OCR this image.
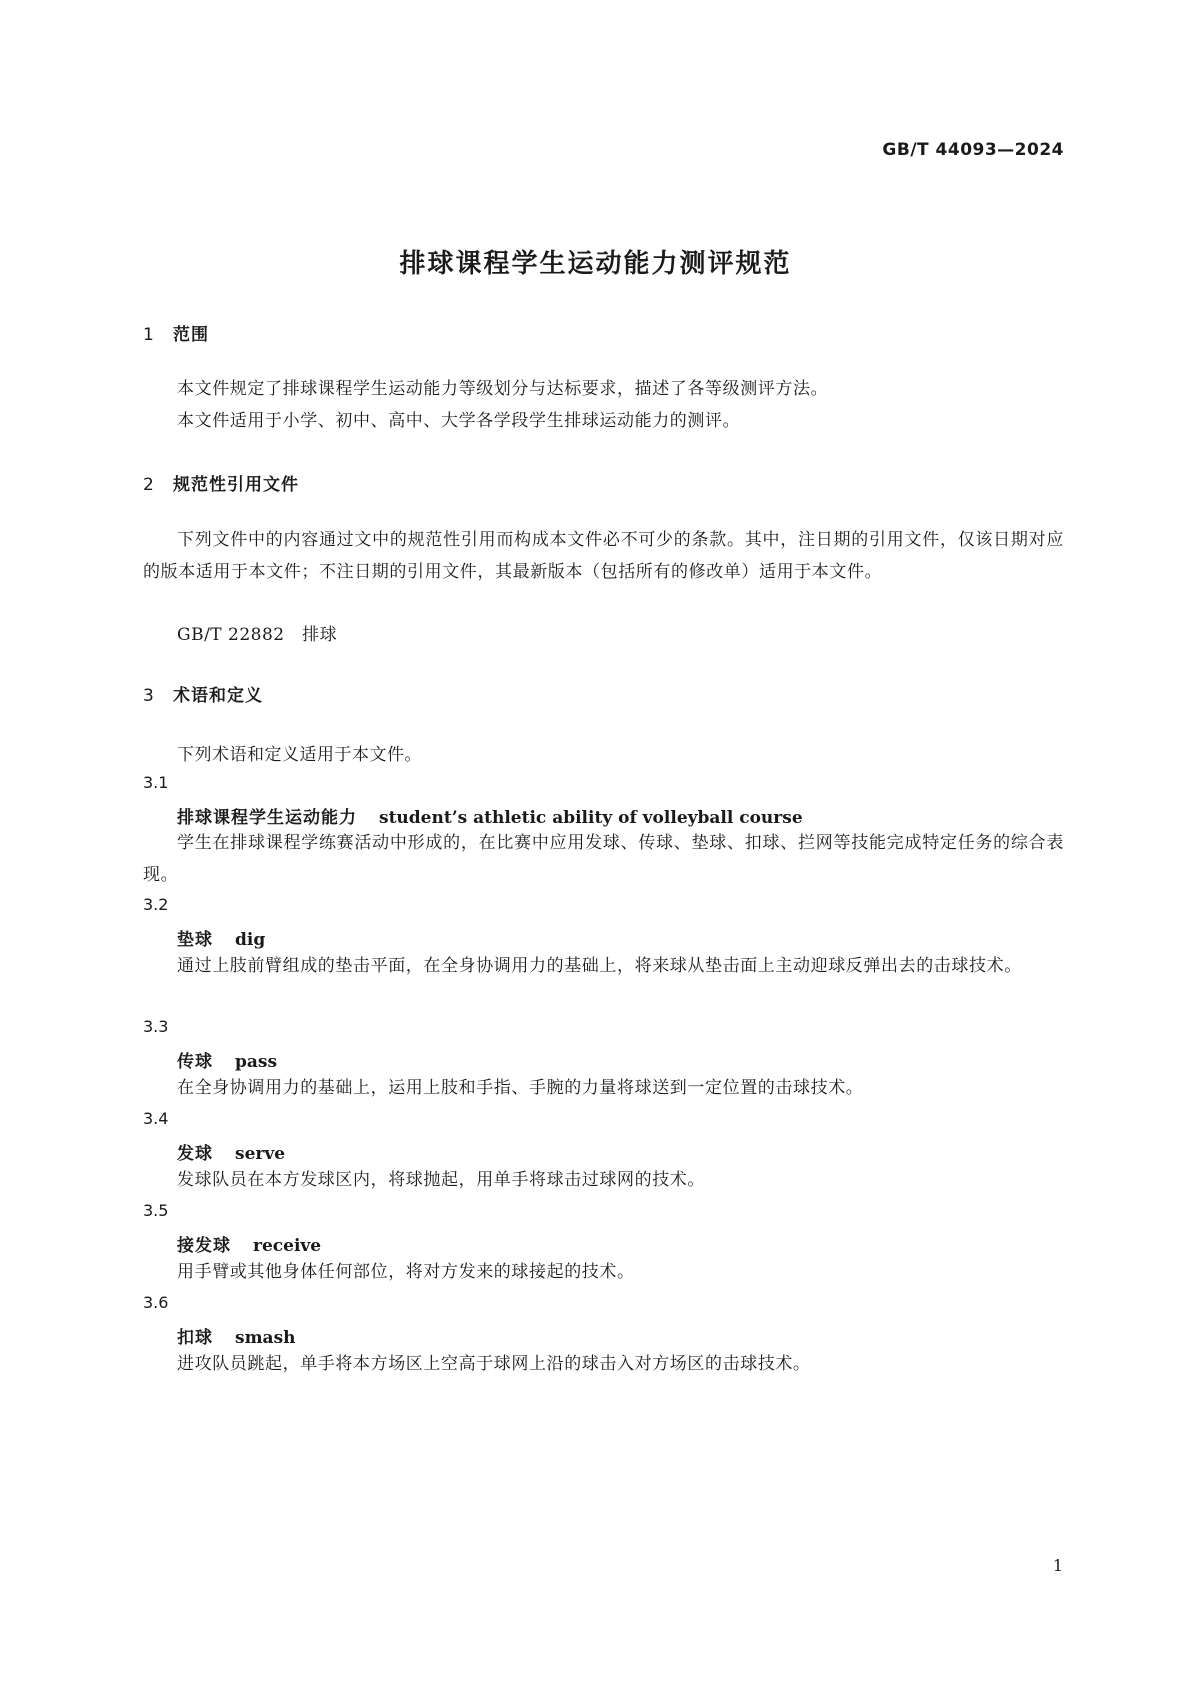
GB/T 44093—2024
排球课程学生运动能力测评规范
1 范围
本文件规定了排球课程学生运动能力等级划分与达标要求，描述了各等级测评方法。
本文件适用于小学、初中、高中、大学各学段学生排球运动能力的测评。
2 规范性引用文件
下列文件中的内容通过文中的规范性引用而构成本文件必不可少的条款。其中，注日期的引用文件，仅该日期对应的版本适用于本文件；不注日期的引用文件，其最新版本（包括所有的修改单）适用于本文件。
GB/T 22882　排球
3 术语和定义
下列术语和定义适用于本文件。
3.1
排球课程学生运动能力 student’s athletic ability of volleyball course
学生在排球课程学练赛活动中形成的，在比赛中应用发球、传球、垫球、扣球、拦网等技能完成特定任务的综合表现。
3.2
垫球 dig
通过上肢前臂组成的垫击平面，在全身协调用力的基础上，将来球从垫击面上主动迎球反弹出去的击球技术。
3.3
传球 pass
在全身协调用力的基础上，运用上肢和手指、手腕的力量将球送到一定位置的击球技术。
3.4
发球 serve
发球队员在本方发球区内，将球抛起，用单手将球击过球网的技术。
3.5
接发球 receive
用手臂或其他身体任何部位，将对方发来的球接起的技术。
3.6
扣球 smash
进攻队员跳起，单手将本方场区上空高于球网上沿的球击入对方场区的击球技术。
1
